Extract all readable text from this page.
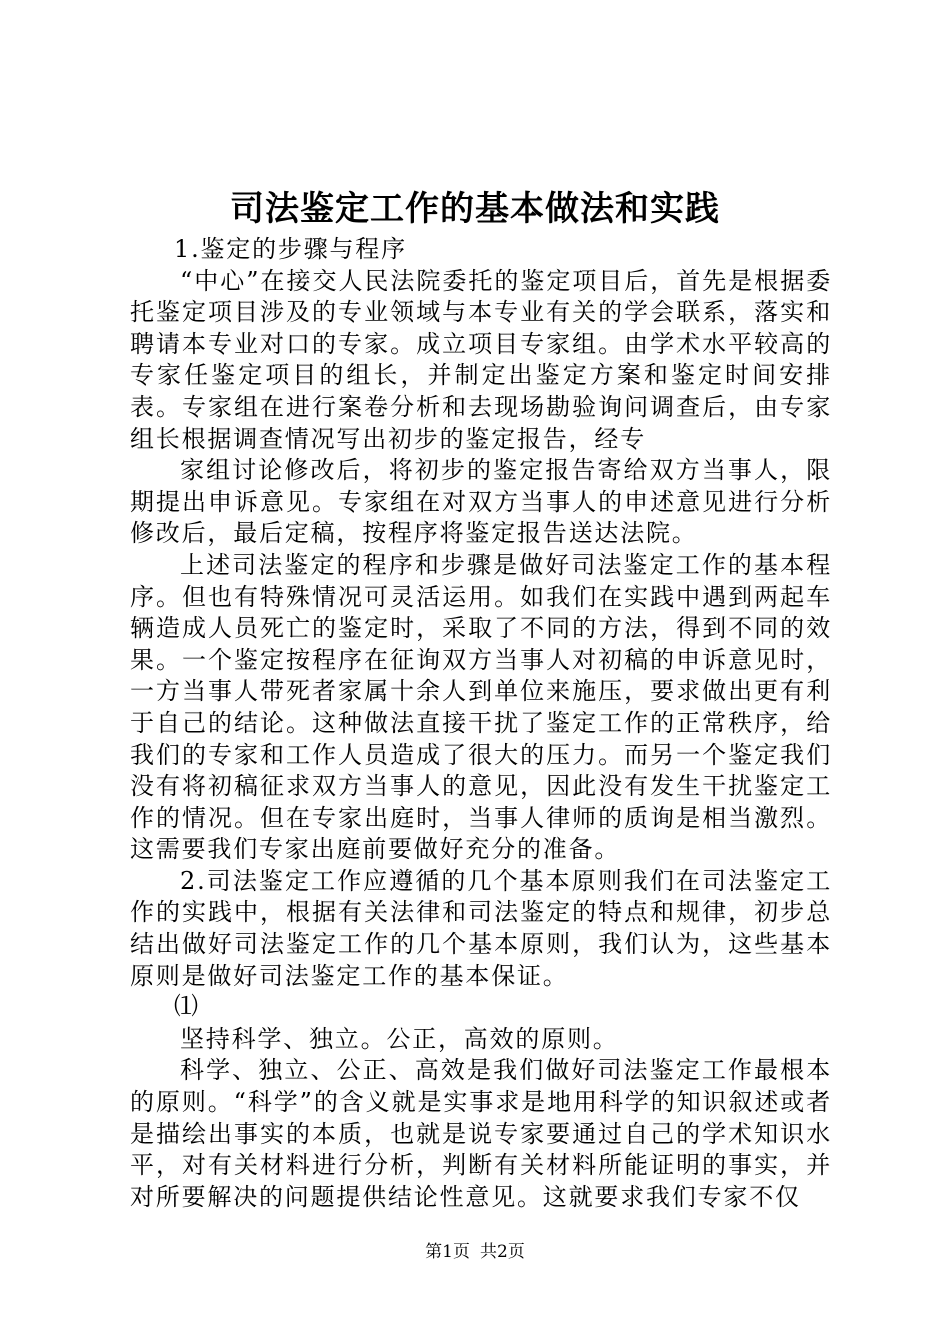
司法鉴定工作的基本做法和实践

1.鉴定的步骤与程序

“中心”在接交人民法院委托的鉴定项目后，首先是根据委托鉴定项目涉及的专业领域与本专业有关的学会联系，落实和聘请本专业对口的专家。成立项目专家组。由学术水平较高的专家任鉴定项目的组长，并制定出鉴定方案和鉴定时间安排表。专家组在进行案卷分析和去现场勘验询问调查后，由专家组长根据调查情况写出初步的鉴定报告，经专

家组讨论修改后，将初步的鉴定报告寄给双方当事人，限期提出申诉意见。专家组在对双方当事人的申述意见进行分析修改后，最后定稿，按程序将鉴定报告送达法院。

上述司法鉴定的程序和步骤是做好司法鉴定工作的基本程序。但也有特殊情况可灵活运用。如我们在实践中遇到两起车辆造成人员死亡的鉴定时，采取了不同的方法，得到不同的效果。一个鉴定按程序在征询双方当事人对初稿的申诉意见时，一方当事人带死者家属十余人到单位来施压，要求做出更有利于自己的结论。这种做法直接干扰了鉴定工作的正常秩序，给我们的专家和工作人员造成了很大的压力。而另一个鉴定我们没有将初稿征求双方当事人的意见，因此没有发生干扰鉴定工作的情况。但在专家出庭时，当事人律师的质询是相当激烈。这需要我们专家出庭前要做好充分的准备。

2.司法鉴定工作应遵循的几个基本原则我们在司法鉴定工作的实践中，根据有关法律和司法鉴定的特点和规律，初步总结出做好司法鉴定工作的几个基本原则，我们认为，这些基本原则是做好司法鉴定工作的基本保证。

⑴

坚持科学、独立。公正，高效的原则。

科学、独立、公正、高效是我们做好司法鉴定工作最根本的原则。“科学”的含义就是实事求是地用科学的知识叙述或者是描绘出事实的本质，也就是说专家要通过自己的学术知识水平，对有关材料进行分析，判断有关材料所能证明的事实，并对所要解决的问题提供结论性意见。这就要求我们专家不仅

第1页 共2页
